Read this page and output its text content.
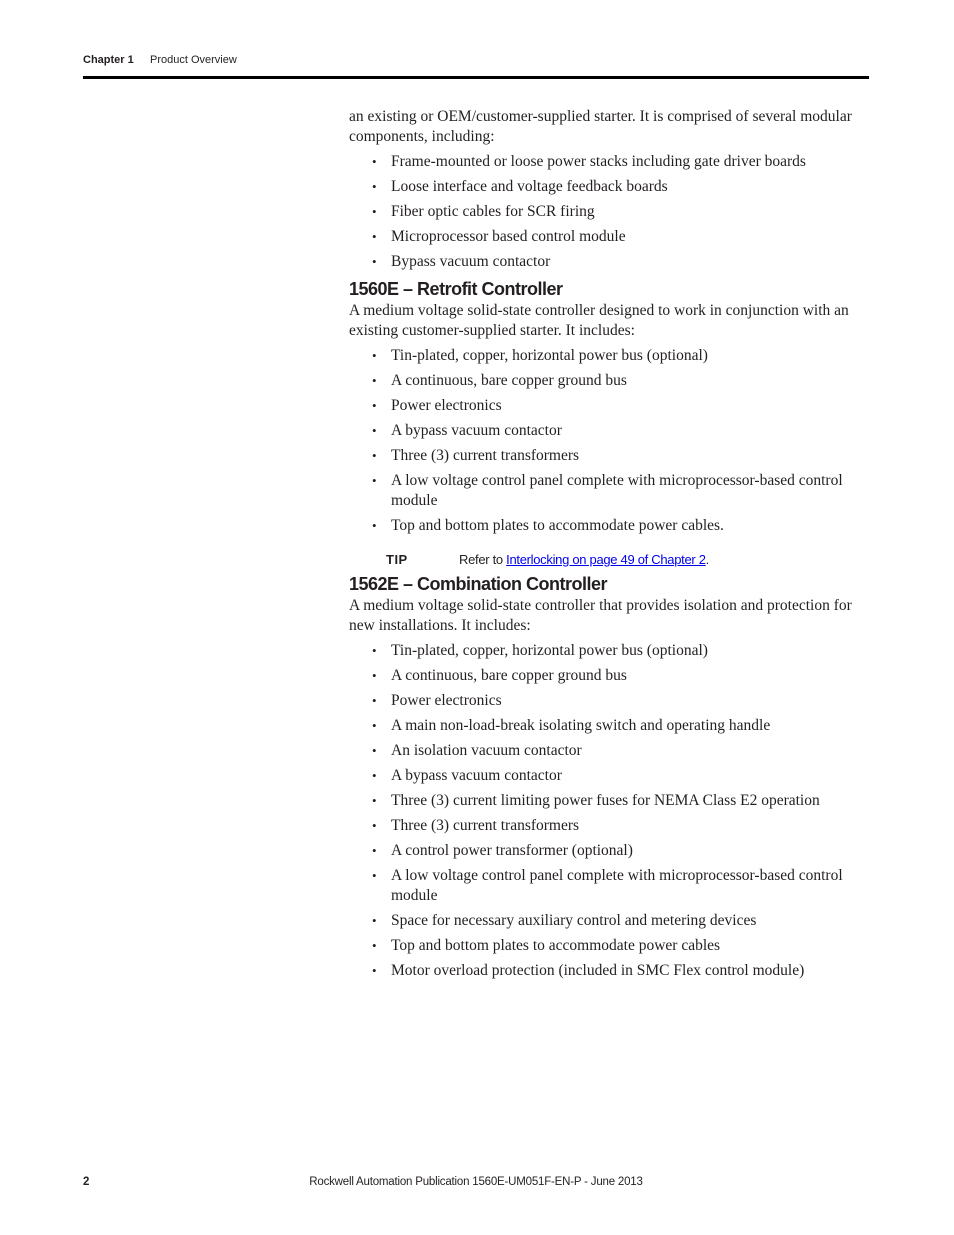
Chapter 1 Product Overview

an existing or OEM/customer-supplied starter. It is comprised of several modular components, including:

• Frame-mounted or loose power stacks including gate driver boards
• Loose interface and voltage feedback boards
• Fiber optic cables for SCR firing
• Microprocessor based control module
• Bypass vacuum contactor
1560E – Retrofit Controller

A medium voltage solid-state controller designed to work in conjunction with an existing customer-supplied starter. It includes:

• Tin-plated, copper, horizontal power bus (optional)
• A continuous, bare copper ground bus
• Power electronics
• A bypass vacuum contactor
• Three (3) current transformers
• A low voltage control panel complete with microprocessor-based control module
• Top and bottom plates to accommodate power cables.
TIP	Refer to Interlocking on page 49 of Chapter 2.
1562E – Combination Controller

A medium voltage solid-state controller that provides isolation and protection for new installations. It includes:

• Tin-plated, copper, horizontal power bus (optional)
• A continuous, bare copper ground bus
• Power electronics
• A main non-load-break isolating switch and operating handle
• An isolation vacuum contactor
• A bypass vacuum contactor
• Three (3) current limiting power fuses for NEMA Class E2 operation
• Three (3) current transformers
• A control power transformer (optional)
• A low voltage control panel complete with microprocessor-based control module
• Space for necessary auxiliary control and metering devices
• Top and bottom plates to accommodate power cables
• Motor overload protection (included in SMC Flex control module)
2	Rockwell Automation Publication 1560E-UM051F-EN-P - June 2013
